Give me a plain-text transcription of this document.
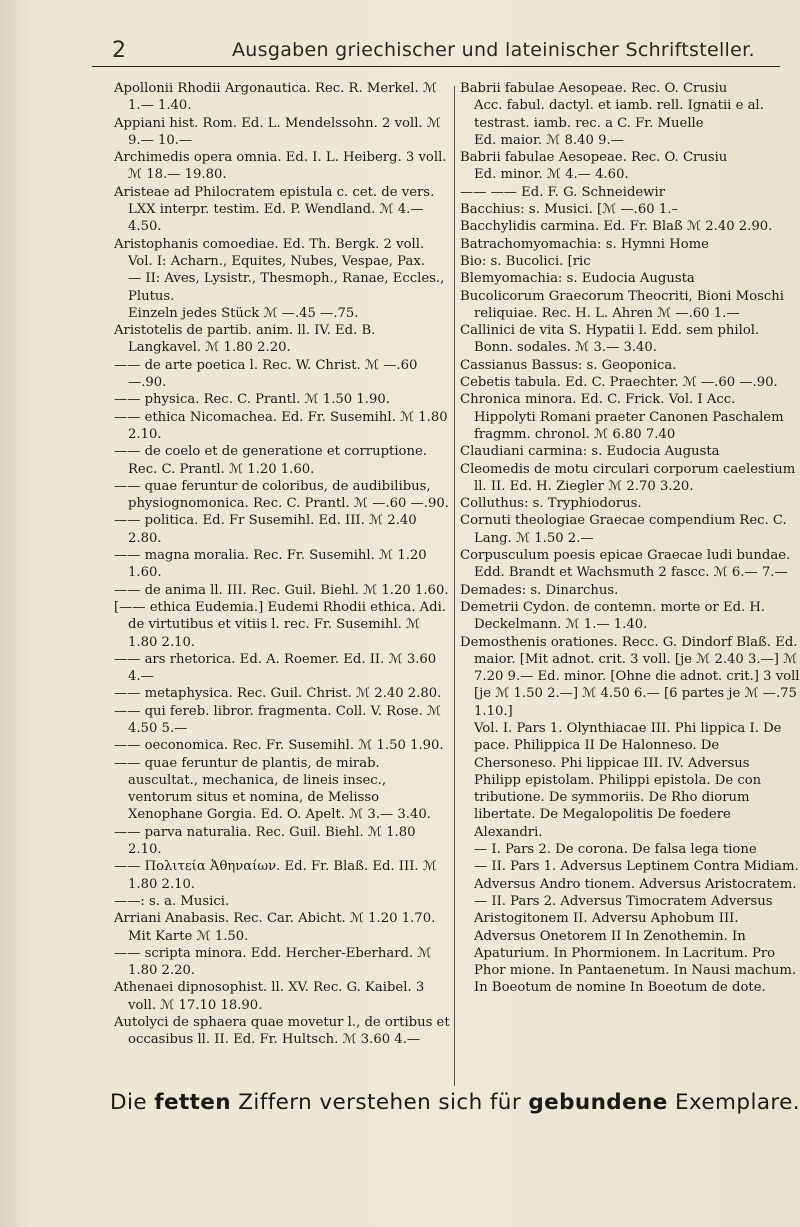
2	Ausgaben griechischer und lateinischer Schriftsteller.

Apollonii Rhodii Argonautica. Rec. R. Merkel. ℳ 1.— 1.40.

Appiani hist. Rom. Ed. L. Mendelssohn. 2 voll. ℳ 9.— 10.—

Archimedis opera omnia. Ed. I. L. Heiberg. 3 voll. ℳ 18.— 19.80.

Aristeae ad Philocratem epistula c. cet. de vers. LXX interpr. testim. Ed. P. Wendland. ℳ 4.— 4.50.

Aristophanis comoediae. Ed. Th. Bergk. 2 voll.

Vol. I: Acharn., Equites, Nubes, Vespae, Pax.

— II: Aves, Lysistr., Thesmoph., Ranae, Eccles., Plutus.

Einzeln jedes Stück ℳ —.45 —.75.

Aristotelis de partib. anim. ll. IV. Ed. B. Langkavel. ℳ 1.80 2.20.

—— de arte poetica l. Rec. W. Christ. ℳ —.60 —.90.

—— physica. Rec. C. Prantl. ℳ 1.50 1.90.

—— ethica Nicomachea. Ed. Fr. Susemihl. ℳ 1.80 2.10.

—— de coelo et de generatione et corruptione. Rec. C. Prantl. ℳ 1.20 1.60.

—— quae feruntur de coloribus, de audibilibus, physiognomonica. Rec. C. Prantl. ℳ —.60 —.90.

—— politica. Ed. Fr Susemihl. Ed. III. ℳ 2.40 2.80.

—— magna moralia. Rec. Fr. Susemihl. ℳ 1.20 1.60.

—— de anima ll. III. Rec. Guil. Biehl. ℳ 1.20 1.60.

[—— ethica Eudemia.] Eudemi Rhodii ethica. Adi. de virtutibus et vitiis l. rec. Fr. Susemihl. ℳ 1.80 2.10.

—— ars rhetorica. Ed. A. Roemer. Ed. II. ℳ 3.60 4.—

—— metaphysica. Rec. Guil. Christ. ℳ 2.40 2.80.

—— qui fereb. libror. fragmenta. Coll. V. Rose. ℳ 4.50 5.—

—— oeconomica. Rec. Fr. Susemihl. ℳ 1.50 1.90.

—— quae feruntur de plantis, de mirab. auscultat., mechanica, de lineis insec., ventorum situs et nomina, de Melisso Xenophane Gorgia. Ed. O. Apelt. ℳ 3.— 3.40.

—— parva naturalia. Rec. Guil. Biehl. ℳ 1.80 2.10.

—— Πολιτεία Ἀθηναίων. Ed. Fr. Blaß. Ed. III. ℳ 1.80 2.10.

——: s. a. Musici.

Arriani Anabasis. Rec. Car. Abicht. ℳ 1.20 1.70. Mit Karte ℳ 1.50.

—— scripta minora. Edd. Hercher-Eberhard. ℳ 1.80 2.20.

Athenaei dipnosophist. ll. XV. Rec. G. Kaibel. 3 voll. ℳ 17.10 18.90.

Autolyci de sphaera quae movetur l., de ortibus et occasibus ll. II. Ed. Fr. Hultsch. ℳ 3.60 4.—

Babrii fabulae Aesopeae. Rec. O. Crusiu

Acc. fabul. dactyl. et iamb. rell. Ignatii e al. testrast. iamb. rec. a C. Fr. Muelle

Ed. maior. ℳ 8.40 9.—

Babrii fabulae Aesopeae. Rec. O. Crusiu

Ed. minor. ℳ 4.— 4.60.

—— —— Ed. F. G. Schneidewir

Bacchius: s. Musici. [ℳ —.60 1.–

Bacchylidis carmina. Ed. Fr. Blaß ℳ 2.40 2.90.

Batrachomyomachia: s. Hymni Home

Bio: s. Bucolici. [ric

Blemyomachia: s. Eudocia Augusta

Bucolicorum Graecorum Theocriti, Bioni Moschi reliquiae. Rec. H. L. Ahren ℳ —.60 1.—

Callinici de vita S. Hypatii l. Edd. sem philol. Bonn. sodales. ℳ 3.— 3.40.

Cassianus Bassus: s. Geoponica.

Cebetis tabula. Ed. C. Praechter. ℳ —.60 —.90.

Chronica minora. Ed. C. Frick. Vol. I Acc. Hippolyti Romani praeter Canonen Paschalem fragmm. chronol. ℳ 6.80 7.40

Claudiani carmina: s. Eudocia Augusta

Cleomedis de motu circulari corporum caelestium ll. II. Ed. H. Ziegler ℳ 2.70 3.20.

Colluthus: s. Tryphiodorus.

Cornuti theologiae Graecae compendium Rec. C. Lang. ℳ 1.50 2.—

Corpusculum poesis epicae Graecae ludi bundae. Edd. Brandt et Wachsmuth 2 fascc. ℳ 6.— 7.—

Demades: s. Dinarchus.

Demetrii Cydon. de contemn. morte or Ed. H. Deckelmann. ℳ 1.— 1.40.

Demosthenis orationes. Recc. G. Dindorf Blaß. Ed. maior. [Mit adnot. crit. 3 voll. [je ℳ 2.40 3.—] ℳ 7.20 9.— Ed. minor. [Ohne die adnot. crit.] 3 voll [je ℳ 1.50 2.—] ℳ 4.50 6.— [6 partes je ℳ —.75 1.10.]

Vol. I. Pars 1. Olynthiacae III. Phi lippica I. De pace. Philippica II De Halonneso. De Chersoneso. Phi lippicae III. IV. Adversus Philipp epistolam. Philippi epistola. De con tributione. De symmoriis. De Rho diorum libertate. De Megalopolitis De foedere Alexandri.

— I. Pars 2. De corona. De falsa lega tione

— II. Pars 1. Adversus Leptinem Contra Midiam. Adversus Andro tionem. Adversus Aristocratem.

— II. Pars 2. Adversus Timocratem Adversus Aristogitonem II. Adversu Aphobum III. Adversus Onetorem II In Zenothemin. In Apaturium. In Phormionem. In Lacritum. Pro Phor mione. In Pantaenetum. In Nausi machum. In Boeotum de nomine In Boeotum de dote.

Die fetten Ziffern verstehen sich für gebundene Exemplare.
